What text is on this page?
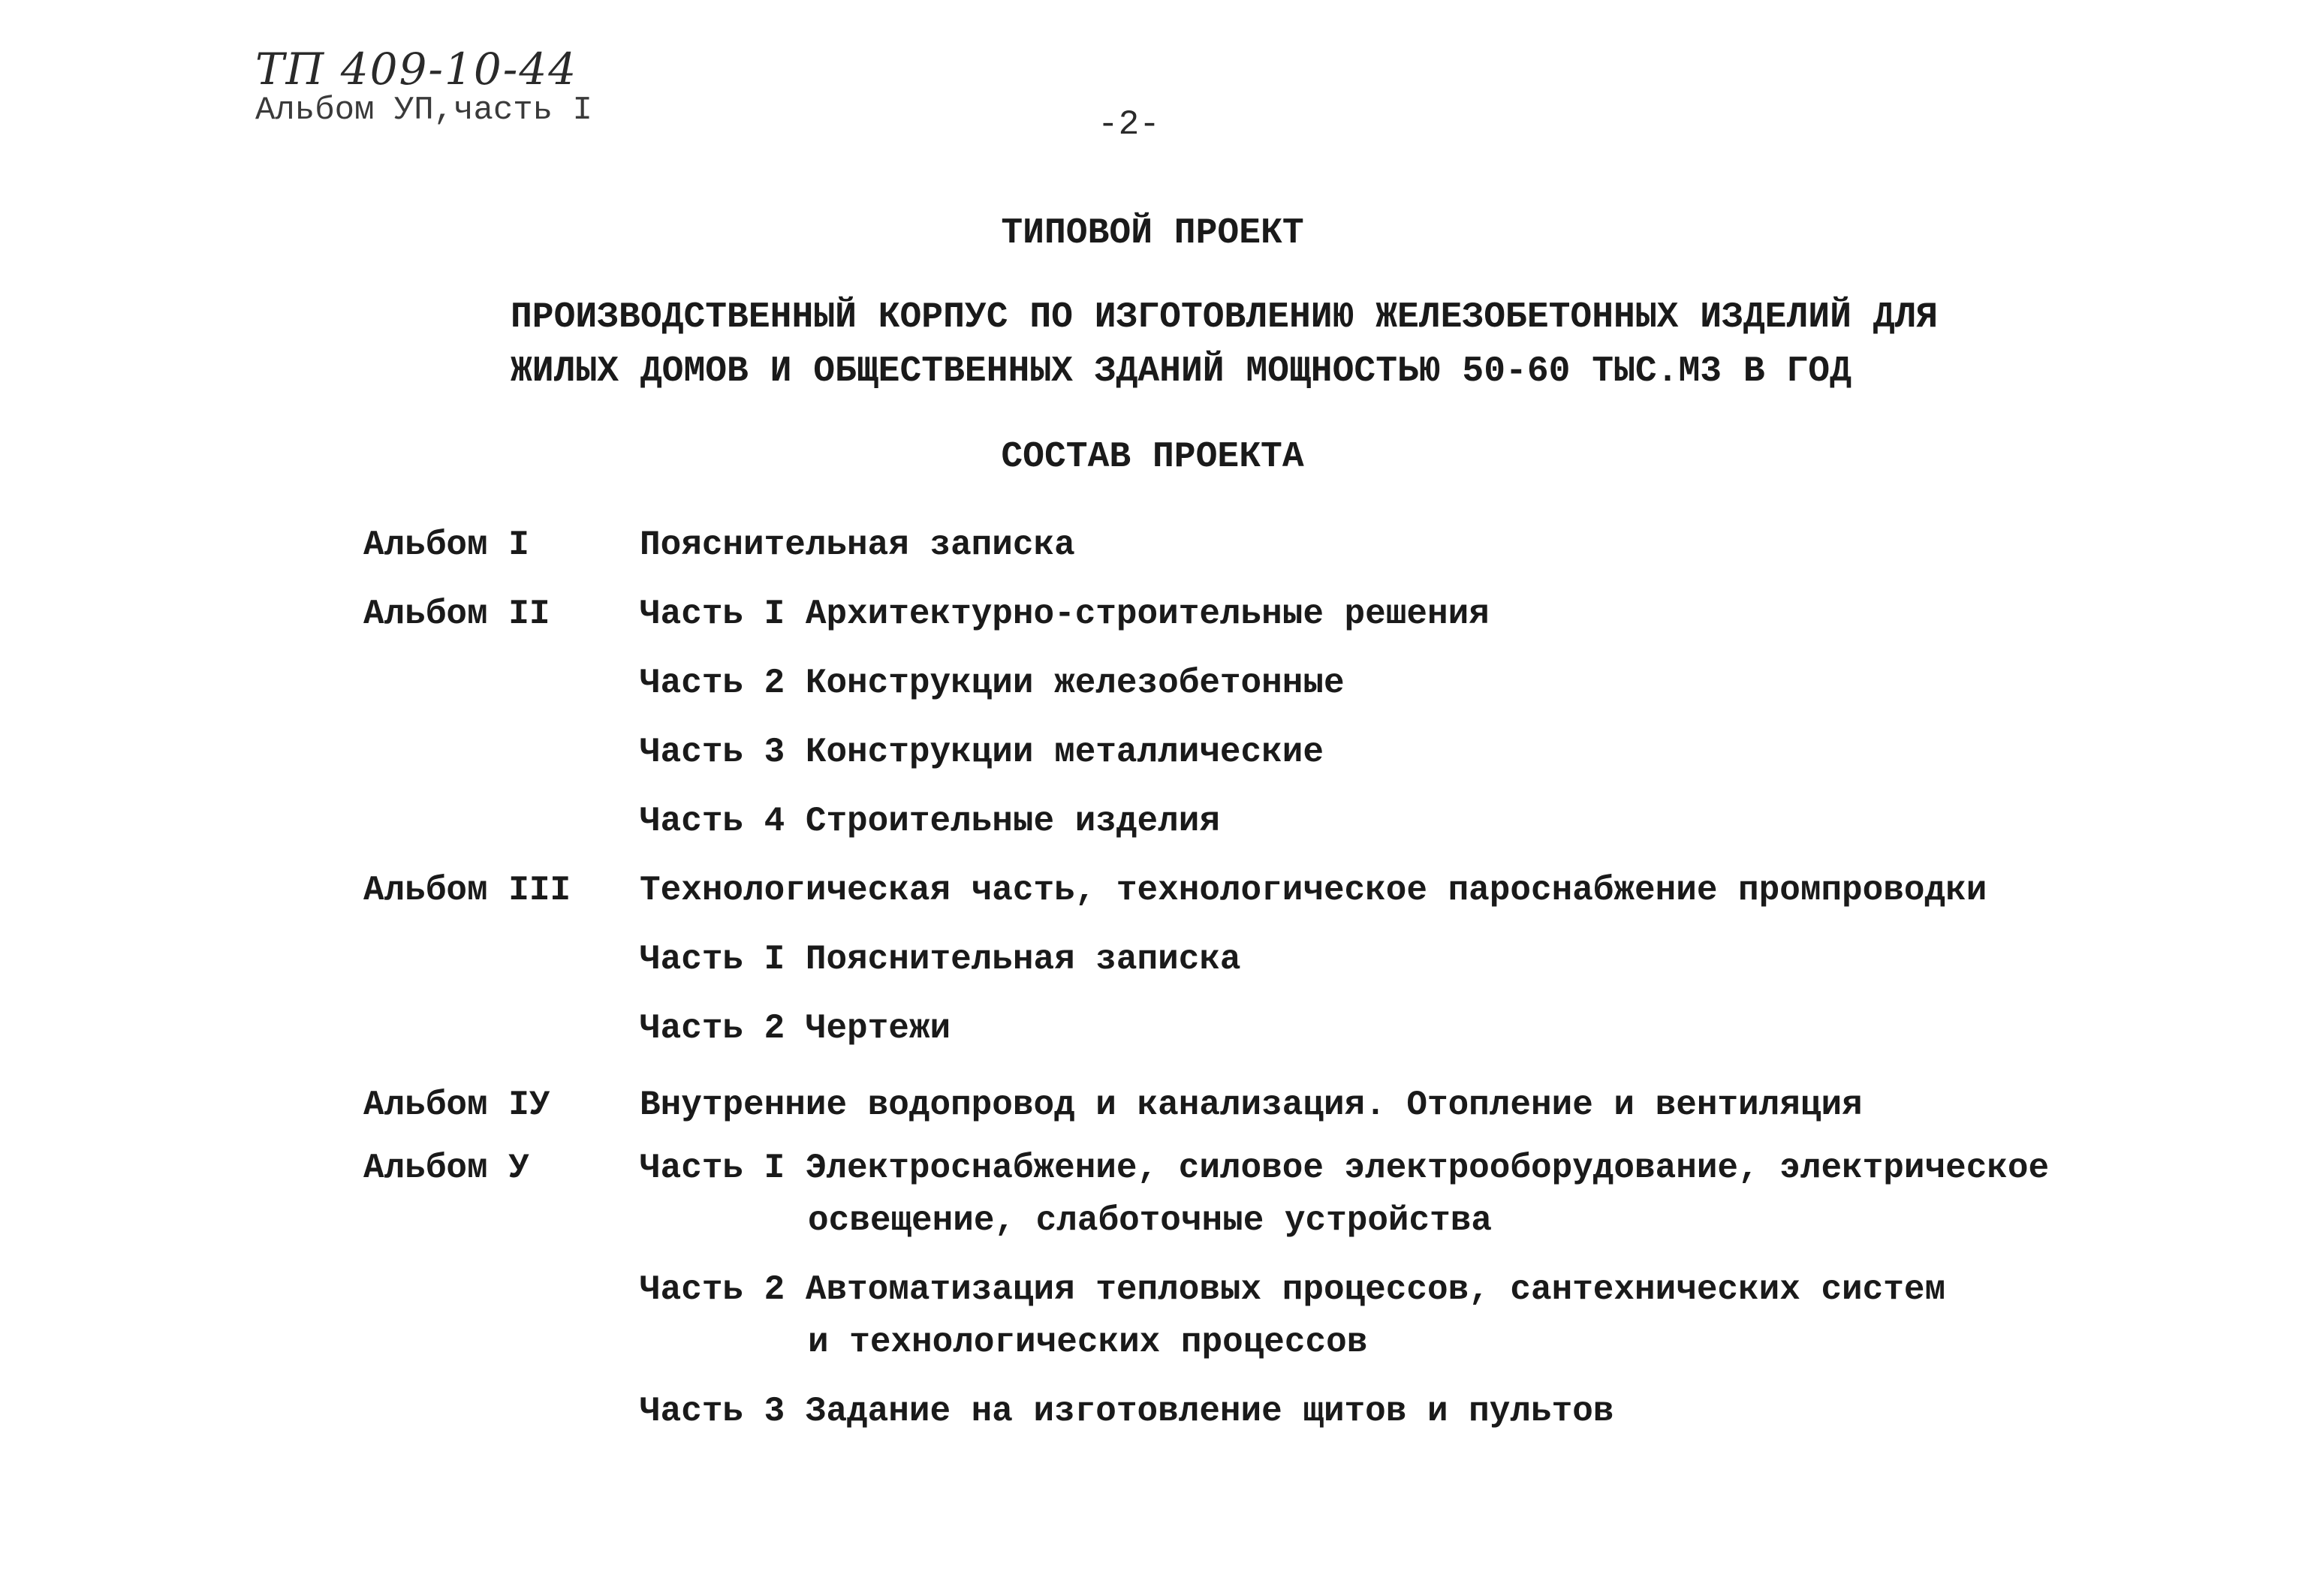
ТП 409-10-44
Альбом УП,часть I	-2-
ТИПОВОЙ ПРОЕКТ
ПРОИЗВОДСТВЕННЫЙ КОРПУС ПО ИЗГОТОВЛЕНИЮ ЖЕЛЕЗОБЕТОННЫХ ИЗДЕЛИЙ ДЛЯ
ЖИЛЫХ ДОМОВ И ОБЩЕСТВЕННЫХ ЗДАНИЙ МОЩНОСТЬЮ 50-60 ТЫС.М3 В ГОД
СОСТАВ ПРОЕКТА
Альбом I	Пояснительная записка
Альбом II	Часть I Архитектурно-строительные решения
Часть 2 Конструкции железобетонные
Часть 3 Конструкции металлические
Часть 4 Строительные изделия
Альбом III Технологическая часть, технологическое пароснабжение промпроводки
Часть I Пояснительная записка
Часть 2 Чертежи
Альбом IУ	Внутренние водопровод и канализация. Отопление и вентиляция
Альбом У	Часть I Электроснабжение, силовое электрооборудование, электрическое
освещение, слаботочные устройства
Часть 2 Автоматизация тепловых процессов, сантехнических систем
и технологических процессов
Часть 3 Задание на изготовление щитов и пультов
